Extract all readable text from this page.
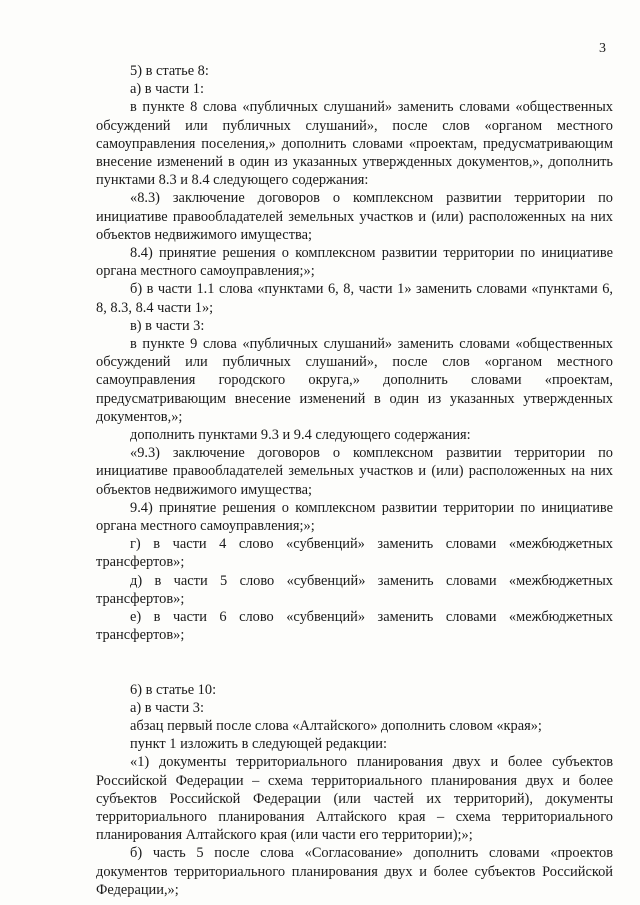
3

5) в статье 8:

а) в части 1:

в пункте 8 слова «публичных слушаний» заменить словами «общественных обсуждений или публичных слушаний», после слов «органом местного самоуправления поселения,» дополнить словами «проектам, предусматривающим внесение изменений в один из указанных утвержденных документов,», дополнить пунктами 8.3 и 8.4 следующего содержания:

«8.3) заключение договоров о комплексном развитии территории по инициативе правообладателей земельных участков и (или) расположенных на них объектов недвижимого имущества;

8.4) принятие решения о комплексном развитии территории по инициативе органа местного самоуправления;»;

б) в части 1.1 слова «пунктами 6, 8, части 1» заменить словами «пунктами 6, 8, 8.3, 8.4 части 1»;

в) в части 3:

в пункте 9 слова «публичных слушаний» заменить словами «общественных обсуждений или публичных слушаний», после слов «органом местного самоуправления городского округа,» дополнить словами «проектам, предусматривающим внесение изменений в один из указанных утвержденных документов,»;

дополнить пунктами 9.3 и 9.4 следующего содержания:

«9.3) заключение договоров о комплексном развитии территории по инициативе правообладателей земельных участков и (или) расположенных на них объектов недвижимого имущества;

9.4) принятие решения о комплексном развитии территории по инициативе органа местного самоуправления;»;

г) в части 4 слово «субвенций» заменить словами «межбюджетных трансфертов»;

д) в части 5 слово «субвенций» заменить словами «межбюджетных трансфертов»;

е) в части 6 слово «субвенций» заменить словами «межбюджетных трансфертов»;

6) в статье 10:

а) в части 3:

абзац первый после слова «Алтайского» дополнить словом «края»;

пункт 1 изложить в следующей редакции:

«1) документы территориального планирования двух и более субъектов Российской Федерации – схема территориального планирования двух и более субъектов Российской Федерации (или частей их территорий), документы территориального планирования Алтайского края – схема территориального планирования Алтайского края (или части его территории);»;

б) часть 5 после слова «Согласование» дополнить словами «проектов документов территориального планирования двух и более субъектов Российской Федерации,»;
